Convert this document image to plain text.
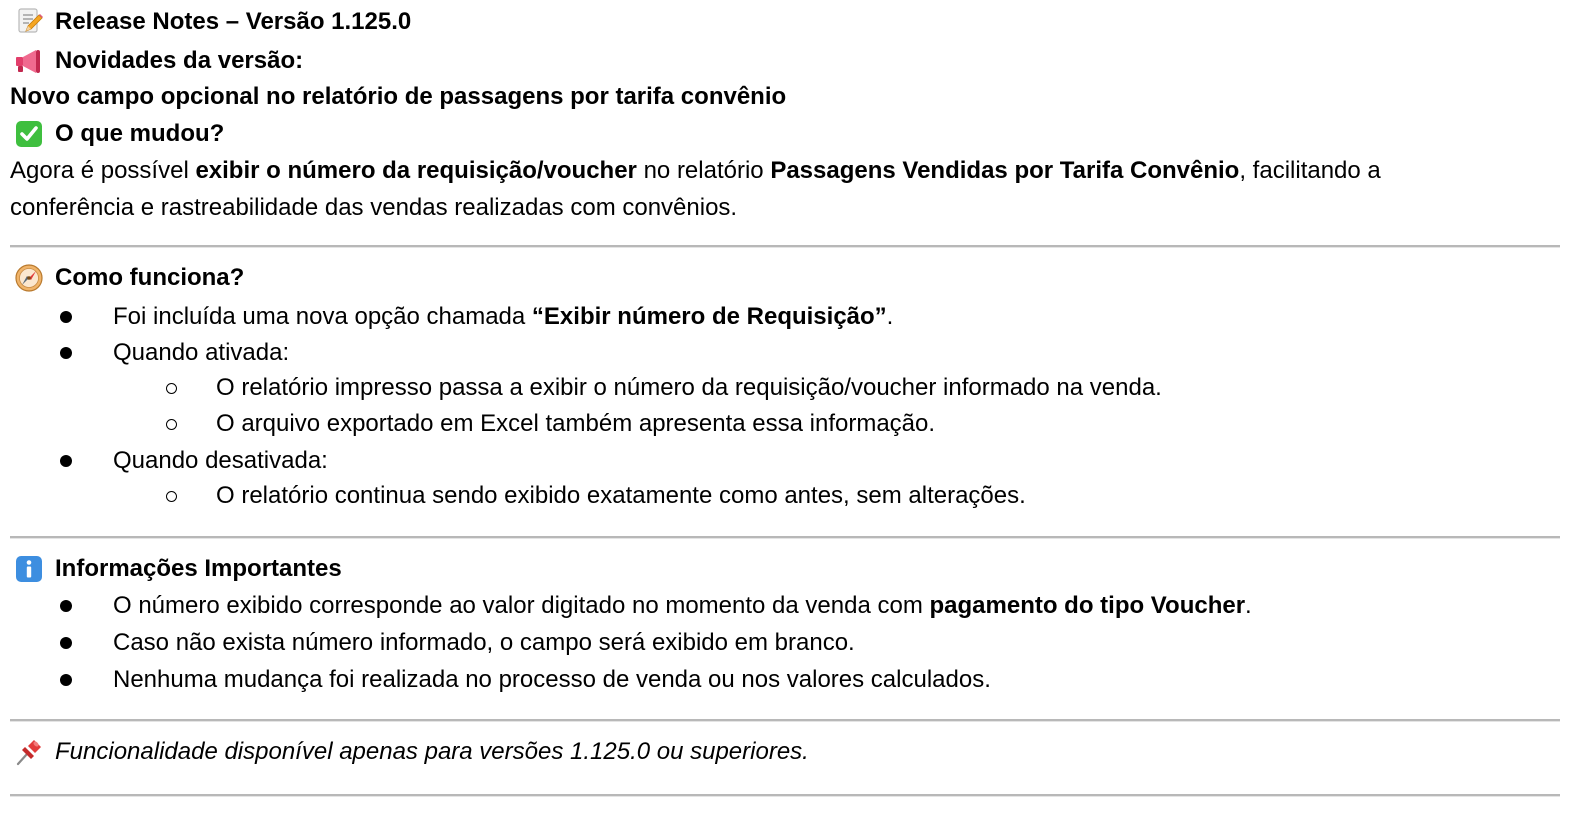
Release Notes – Versão 1.125.0
Novidades da versão:
Novo campo opcional no relatório de passagens por tarifa convênio
O que mudou?
Agora é possível exibir o número da requisição/voucher no relatório Passagens Vendidas por Tarifa Convênio, facilitando a
conferência e rastreabilidade das vendas realizadas com convênios.
Como funciona?
Foi incluída uma nova opção chamada “Exibir número de Requisição”.
Quando ativada:
O relatório impresso passa a exibir o número da requisição/voucher informado na venda.
O arquivo exportado em Excel também apresenta essa informação.
Quando desativada:
O relatório continua sendo exibido exatamente como antes, sem alterações.
Informações Importantes
O número exibido corresponde ao valor digitado no momento da venda com pagamento do tipo Voucher.
Caso não exista número informado, o campo será exibido em branco.
Nenhuma mudança foi realizada no processo de venda ou nos valores calculados.
Funcionalidade disponível apenas para versões 1.125.0 ou superiores.
